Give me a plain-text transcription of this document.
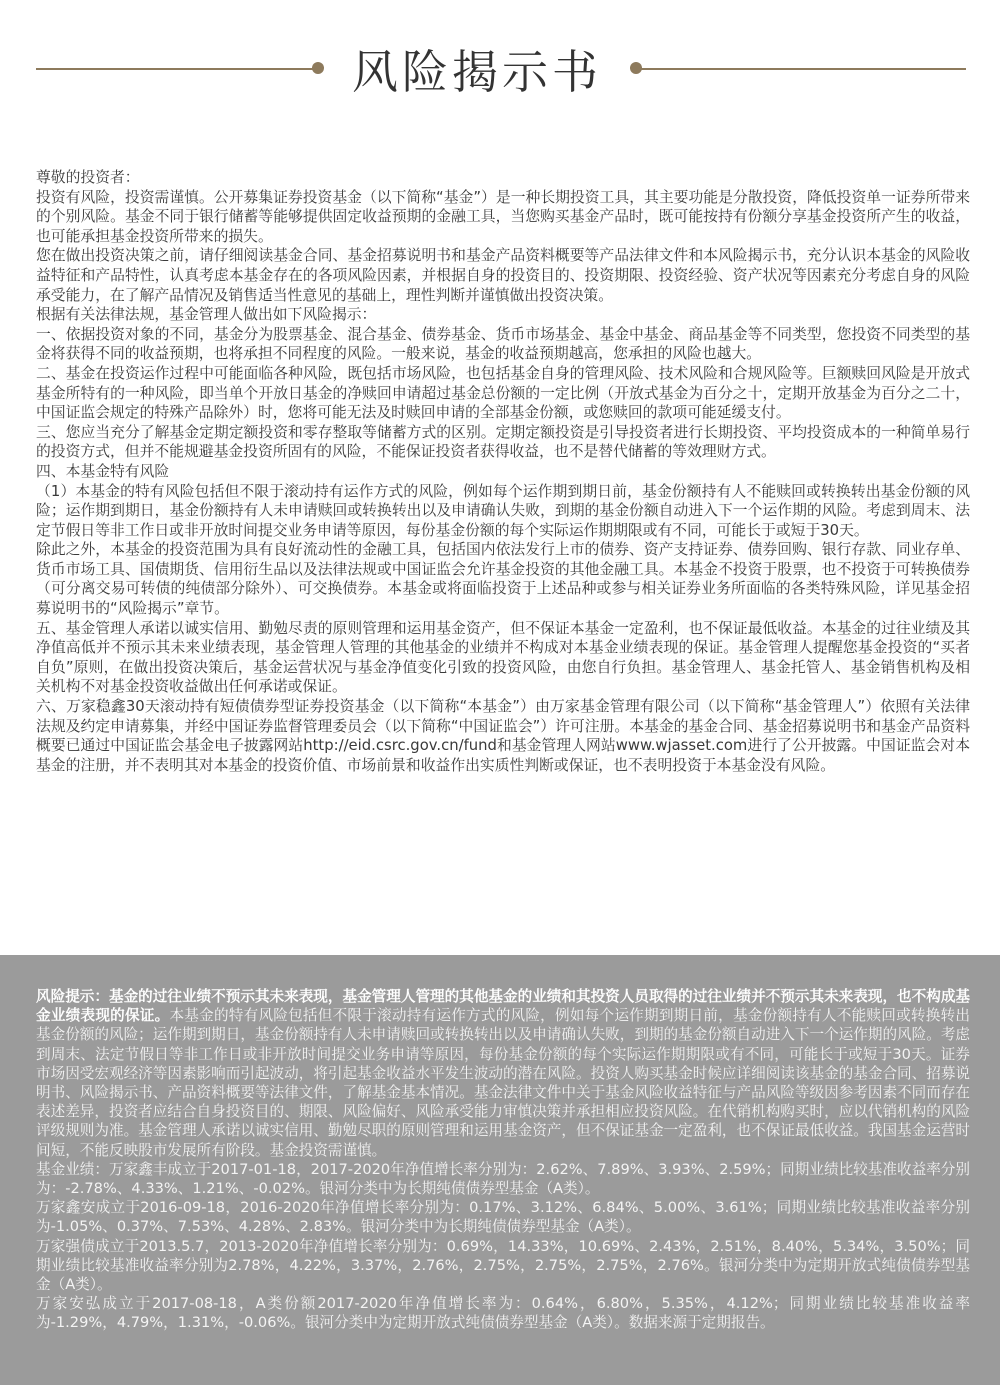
风险揭示书

尊敬的投资者：

投资有风险，投资需谨慎。公开募集证券投资基金（以下简称“基金”）是一种长期投资工具，其主要功能是分散投资，降低投资单一证券所带来的个别风险。基金不同于银行储蓄等能够提供固定收益预期的金融工具，当您购买基金产品时，既可能按持有份额分享基金投资所产生的收益，也可能承担基金投资所带来的损失。

您在做出投资决策之前，请仔细阅读基金合同、基金招募说明书和基金产品资料概要等产品法律文件和本风险揭示书，充分认识本基金的风险收益特征和产品特性，认真考虑本基金存在的各项风险因素，并根据自身的投资目的、投资期限、投资经验、资产状况等因素充分考虑自身的风险承受能力，在了解产品情况及销售适当性意见的基础上，理性判断并谨慎做出投资决策。

根据有关法律法规，基金管理人做出如下风险揭示：

一、依据投资对象的不同，基金分为股票基金、混合基金、债券基金、货币市场基金、基金中基金、商品基金等不同类型，您投资不同类型的基金将获得不同的收益预期，也将承担不同程度的风险。一般来说，基金的收益预期越高，您承担的风险也越大。

二、基金在投资运作过程中可能面临各种风险，既包括市场风险，也包括基金自身的管理风险、技术风险和合规风险等。巨额赎回风险是开放式基金所特有的一种风险，即当单个开放日基金的净赎回申请超过基金总份额的一定比例（开放式基金为百分之十，定期开放基金为百分之二十，中国证监会规定的特殊产品除外）时，您将可能无法及时赎回申请的全部基金份额，或您赎回的款项可能延缓支付。

三、您应当充分了解基金定期定额投资和零存整取等储蓄方式的区别。定期定额投资是引导投资者进行长期投资、平均投资成本的一种简单易行的投资方式，但并不能规避基金投资所固有的风险，不能保证投资者获得收益，也不是替代储蓄的等效理财方式。

四、本基金特有风险

（1）本基金的特有风险包括但不限于滚动持有运作方式的风险，例如每个运作期到期日前，基金份额持有人不能赎回或转换转出基金份额的风险；运作期到期日，基金份额持有人未申请赎回或转换转出以及申请确认失败，到期的基金份额自动进入下一个运作期的风险。考虑到周末、法定节假日等非工作日或非开放时间提交业务申请等原因，每份基金份额的每个实际运作期期限或有不同，可能长于或短于30天。

除此之外，本基金的投资范围为具有良好流动性的金融工具，包括国内依法发行上市的债券、资产支持证券、债券回购、银行存款、同业存单、货币市场工具、国债期货、信用衍生品以及法律法规或中国证监会允许基金投资的其他金融工具。本基金不投资于股票，也不投资于可转换债券（可分离交易可转债的纯债部分除外）、可交换债券。本基金或将面临投资于上述品种或参与相关证券业务所面临的各类特殊风险，详见基金招募说明书的“风险揭示”章节。

五、基金管理人承诺以诚实信用、勤勉尽责的原则管理和运用基金资产，但不保证本基金一定盈利，也不保证最低收益。本基金的过往业绩及其净值高低并不预示其未来业绩表现，基金管理人管理的其他基金的业绩并不构成对本基金业绩表现的保证。基金管理人提醒您基金投资的“买者自负”原则，在做出投资决策后，基金运营状况与基金净值变化引致的投资风险，由您自行负担。基金管理人、基金托管人、基金销售机构及相关机构不对基金投资收益做出任何承诺或保证。

六、万家稳鑫30天滚动持有短债债券型证券投资基金（以下简称“本基金”）由万家基金管理有限公司（以下简称“基金管理人”）依照有关法律法规及约定申请募集，并经中国证券监督管理委员会（以下简称“中国证监会”）许可注册。本基金的基金合同、基金招募说明书和基金产品资料概要已通过中国证监会基金电子披露网站http://eid.csrc.gov.cn/fund和基金管理人网站www.wjasset.com进行了公开披露。中国证监会对本基金的注册，并不表明其对本基金的投资价值、市场前景和收益作出实质性判断或保证，也不表明投资于本基金没有风险。

风险提示：基金的过往业绩不预示其未来表现，基金管理人管理的其他基金的业绩和其投资人员取得的过往业绩并不预示其未来表现，也不构成基金业绩表现的保证。本基金的特有风险包括但不限于滚动持有运作方式的风险，例如每个运作期到期日前，基金份额持有人不能赎回或转换转出基金份额的风险；运作期到期日，基金份额持有人未申请赎回或转换转出以及申请确认失败，到期的基金份额自动进入下一个运作期的风险。考虑到周末、法定节假日等非工作日或非开放时间提交业务申请等原因，每份基金份额的每个实际运作期期限或有不同，可能长于或短于30天。证券市场因受宏观经济等因素影响而引起波动，将引起基金收益水平发生波动的潜在风险。投资人购买基金时候应详细阅读该基金的基金合同、招募说明书、风险揭示书、产品资料概要等法律文件，了解基金基本情况。基金法律文件中关于基金风险收益特征与产品风险等级因参考因素不同而存在表述差异，投资者应结合自身投资目的、期限、风险偏好、风险承受能力审慎决策并承担相应投资风险。在代销机构购买时，应以代销机构的风险评级规则为准。基金管理人承诺以诚实信用、勤勉尽职的原则管理和运用基金资产，但不保证基金一定盈利，也不保证最低收益。我国基金运营时间短，不能反映股市发展所有阶段。基金投资需谨慎。

基金业绩：万家鑫丰成立于2017-01-18，2017-2020年净值增长率分别为：2.62%、7.89%、3.93%、2.59%；同期业绩比较基准收益率分别为：-2.78%、4.33%、1.21%、-0.02%。银河分类中为长期纯债债券型基金（A类）。

万家鑫安成立于2016-09-18，2016-2020年净值增长率分别为：0.17%、3.12%、6.84%、5.00%、3.61%；同期业绩比较基准收益率分别为-1.05%、0.37%、7.53%、4.28%、2.83%。银河分类中为长期纯债债券型基金（A类）。

万家强债成立于2013.5.7，2013-2020年净值增长率分别为：0.69%，14.33%，10.69%、2.43%，2.51%，8.40%，5.34%，3.50%；同期业绩比较基准收益率分别为2.78%，4.22%，3.37%，2.76%，2.75%，2.75%，2.75%，2.76%。银河分类中为定期开放式纯债债券型基金（A类）。

万家安弘成立于2017-08-18，A类份额2017-2020年净值增长率为：0.64%，6.80%，5.35%，4.12%；同期业绩比较基准收益率为-1.29%，4.79%，1.31%，-0.06%。银河分类中为定期开放式纯债债券型基金（A类）。数据来源于定期报告。
